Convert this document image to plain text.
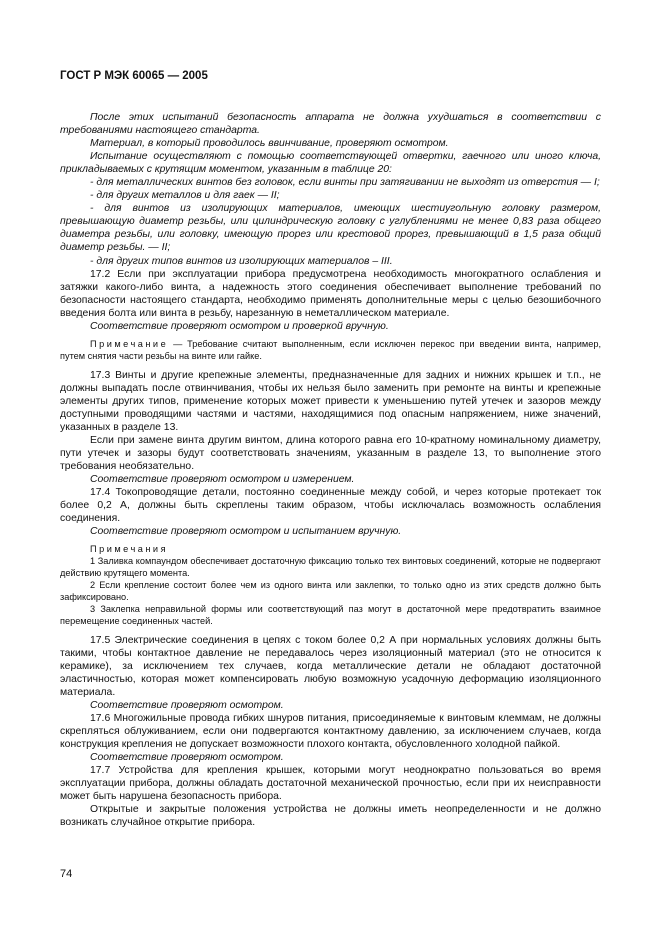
ГОСТ Р МЭК 60065 — 2005

После этих испытаний безопасность аппарата не должна ухудшаться в соответствии с требованиями настоящего стандарта.

Материал, в который проводилось ввинчивание, проверяют осмотром.

Испытание осуществляют с помощью соответствующей отвертки, гаечного или иного ключа, прикладываемых с крутящим моментом, указанным в таблице 20:

- для металлических винтов без головок, если винты при затягивании не выходят из отверстия — I;

- для других металлов и для гаек — II;

- для винтов из изолирующих материалов, имеющих шестиугольную головку размером, превышающую диаметр резьбы, или цилиндрическую головку с углублениями не менее 0,83 раза общего диаметра резьбы, или головку, имеющую прорез или крестовой прорез, превышающий в 1,5 раза общий диаметр резьбы. — II;

- для других типов винтов из изолирующих материалов – III.

17.2 Если при эксплуатации прибора предусмотрена необходимость многократного ослабления и затяжки какого-либо винта, а надежность этого соединения обеспечивает выполнение требований по безопасности настоящего стандарта, необходимо применять дополнительные меры с целью безошибочного введения болта или винта в резьбу, нарезанную в неметаллическом материале.

Соответствие проверяют осмотром и проверкой вручную.

Примечание — Требование считают выполненным, если исключен перекос при введении винта, например, путем снятия части резьбы на винте или гайке.

17.3 Винты и другие крепежные элементы, предназначенные для задних и нижних крышек и т.п., не должны выпадать после отвинчивания, чтобы их нельзя было заменить при ремонте на винты и крепежные элементы других типов, применение которых может привести к уменьшению путей утечек и зазоров между доступными проводящими частями и частями, находящимися под опасным напряжением, ниже значений, указанных в разделе 13.

Если при замене винта другим винтом, длина которого равна его 10-кратному номинальному диаметру, пути утечек и зазоры будут соответствовать значениям, указанным в разделе 13, то выполнение этого требования необязательно.

Соответствие проверяют осмотром и измерением.

17.4 Токопроводящие детали, постоянно соединенные между собой, и через которые протекает ток более 0,2 А, должны быть скреплены таким образом, чтобы исключалась возможность ослабления соединения.

Соответствие проверяют осмотром и испытанием вручную.

Примечания

1 Заливка компаундом обеспечивает достаточную фиксацию только тех винтовых соединений, которые не подвергают действию крутящего момента.

2 Если крепление состоит более чем из одного винта или заклепки, то только одно из этих средств должно быть зафиксировано.

3 Заклепка неправильной формы или соответствующий паз могут в достаточной мере предотвратить взаимное перемещение соединенных частей.

17.5 Электрические соединения в цепях с током более 0,2 А при нормальных условиях должны быть такими, чтобы контактное давление не передавалось через изоляционный материал (это не относится к керамике), за исключением тех случаев, когда металлические детали не обладают достаточной эластичностью, которая может компенсировать любую возможную усадочную деформацию изоляционного материала.

Соответствие проверяют осмотром.

17.6 Многожильные провода гибких шнуров питания, присоединяемые к винтовым клеммам, не должны скрепляться облуживанием, если они подвергаются контактному давлению, за исключением случаев, когда конструкция крепления не допускает возможности плохого контакта, обусловленного холодной пайкой.

Соответствие проверяют осмотром.

17.7 Устройства для крепления крышек, которыми могут неоднократно пользоваться во время эксплуатации прибора, должны обладать достаточной механической прочностью, если при их неисправности может быть нарушена безопасность прибора.

Открытые и закрытые положения устройства не должны иметь неопределенности и не должно возникать случайное открытие прибора.

74
